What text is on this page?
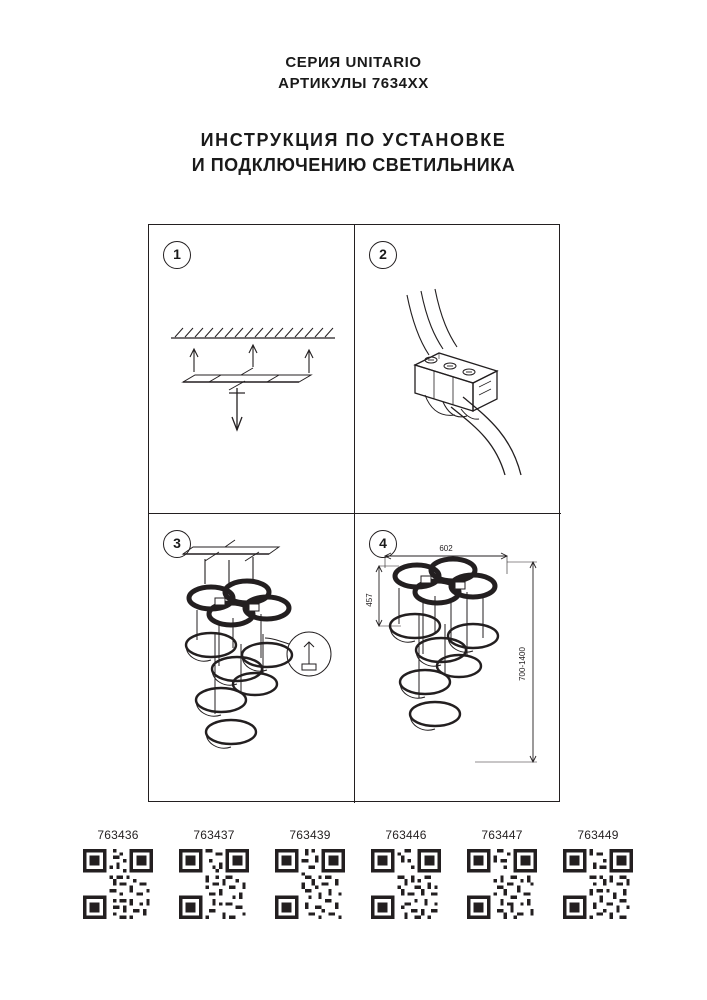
СЕРИЯ UNITARIO
АРТИКУЛЫ 7634XX
ИНСТРУКЦИЯ ПО УСТАНОВКЕ
И ПОДКЛЮЧЕНИЮ СВЕТИЛЬНИКА
1	2
3	4	602
457
700-1400
763436	763437	763439	763446	763447	763449
